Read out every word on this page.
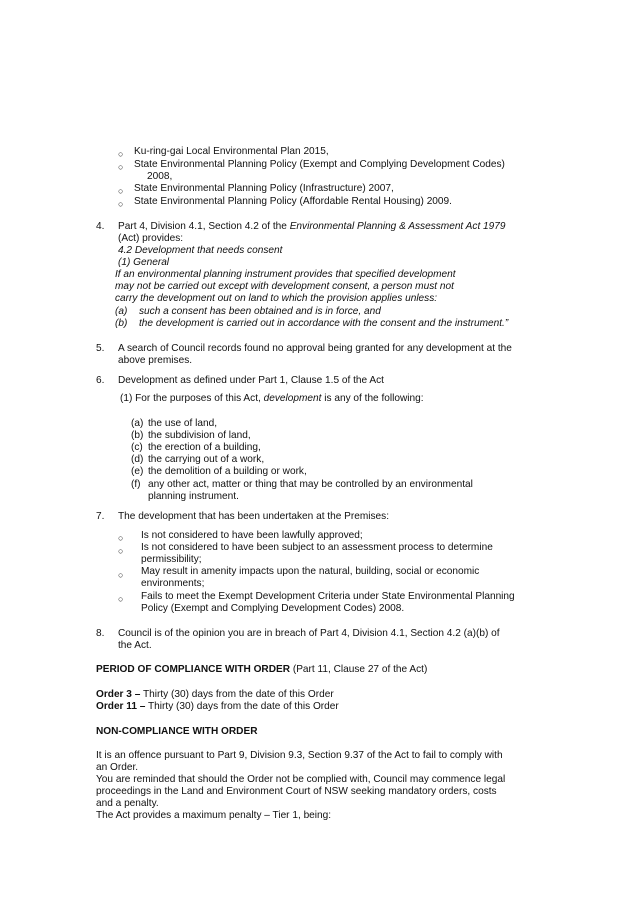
○ Ku-ring-gai Local Environmental Plan 2015,
○ State Environmental Planning Policy (Exempt and Complying Development Codes)
2008,
○ State Environmental Planning Policy (Infrastructure) 2007,
○ State Environmental Planning Policy (Affordable Rental Housing) 2009.
4. Part 4, Division 4.1, Section 4.2 of the Environmental Planning & Assessment Act 1979
(Act) provides:
4.2 Development that needs consent
(1) General
If an environmental planning instrument provides that specified development
may not be carried out except with development consent, a person must not
carry the development out on land to which the provision applies unless:
(a) such a consent has been obtained and is in force, and
(b) the development is carried out in accordance with the consent and the instrument.”
5. A search of Council records found no approval being granted for any development at the
above premises.
6. Development as defined under Part 1, Clause 1.5 of the Act
(1) For the purposes of this Act, development is any of the following:
(a) the use of land,
(b) the subdivision of land,
(c) the erection of a building,
(d) the carrying out of a work,
(e) the demolition of a building or work,
(f) any other act, matter or thing that may be controlled by an environmental
planning instrument.
7. The development that has been undertaken at the Premises:
○ Is not considered to have been lawfully approved;
○ Is not considered to have been subject to an assessment process to determine
permissibility;
○ May result in amenity impacts upon the natural, building, social or economic
environments;
○ Fails to meet the Exempt Development Criteria under State Environmental Planning
Policy (Exempt and Complying Development Codes) 2008.
8. Council is of the opinion you are in breach of Part 4, Division 4.1, Section 4.2 (a)(b) of
the Act.
PERIOD OF COMPLIANCE WITH ORDER (Part 11, Clause 27 of the Act)
Order 3 – Thirty (30) days from the date of this Order
Order 11 – Thirty (30) days from the date of this Order
NON-COMPLIANCE WITH ORDER
It is an offence pursuant to Part 9, Division 9.3, Section 9.37 of the Act to fail to comply with
an Order.
You are reminded that should the Order not be complied with, Council may commence legal
proceedings in the Land and Environment Court of NSW seeking mandatory orders, costs
and a penalty.
The Act provides a maximum penalty – Tier 1, being:
